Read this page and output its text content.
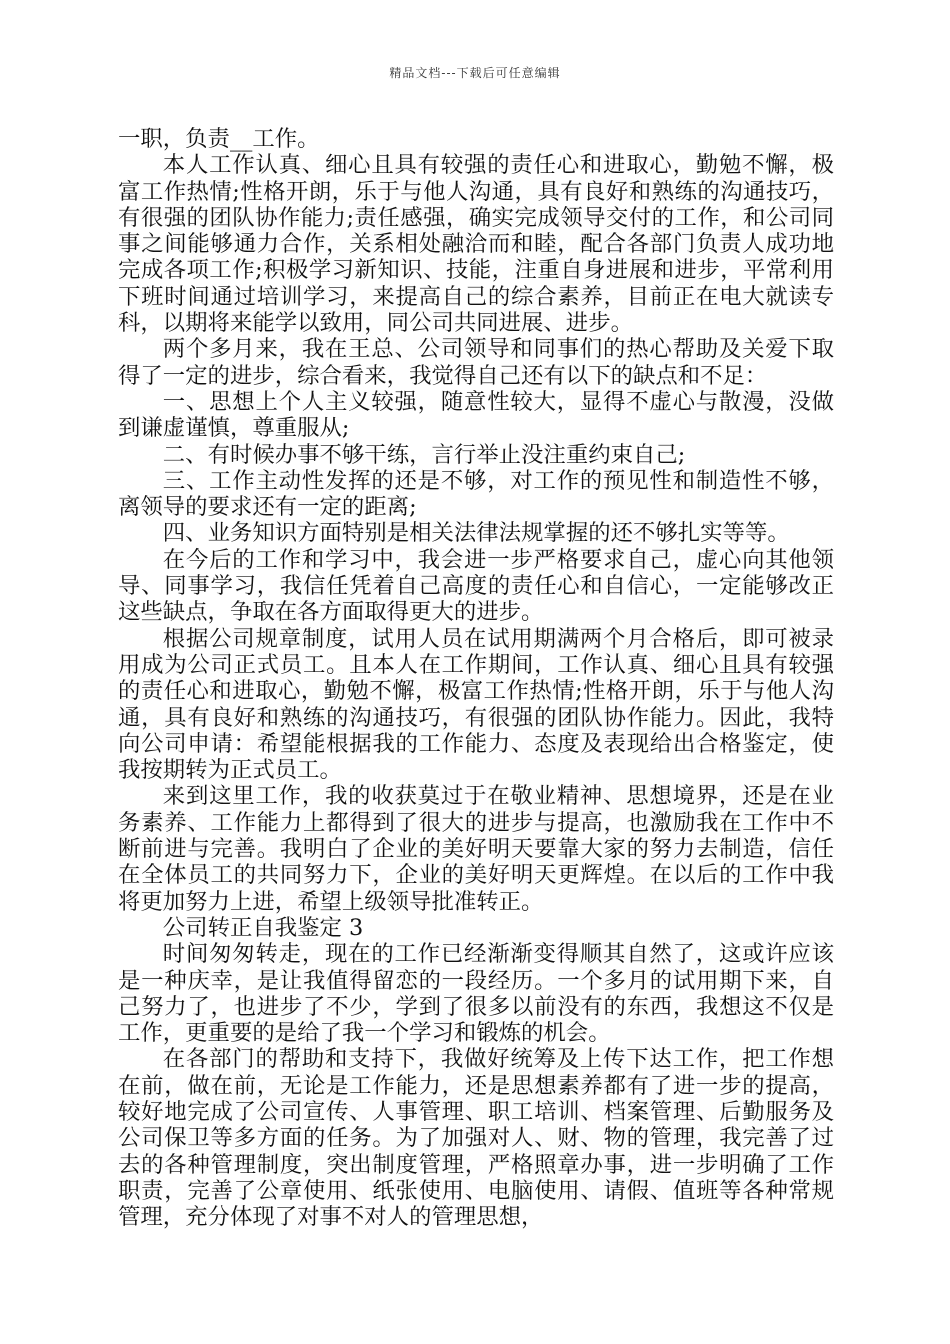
精品文档---下载后可任意编辑

一职，负责__工作。

本人工作认真、细心且具有较强的责任心和进取心，勤勉不懈，极富工作热情;性格开朗，乐于与他人沟通，具有良好和熟练的沟通技巧，有很强的团队协作能力;责任感强，确实完成领导交付的工作，和公司同事之间能够通力合作，关系相处融洽而和睦，配合各部门负责人成功地完成各项工作;积极学习新知识、技能，注重自身进展和进步，平常利用下班时间通过培训学习，来提高自己的综合素养，目前正在电大就读专科，以期将来能学以致用，同公司共同进展、进步。

两个多月来，我在王总、公司领导和同事们的热心帮助及关爱下取得了一定的进步，综合看来，我觉得自己还有以下的缺点和不足：

一、思想上个人主义较强，随意性较大，显得不虚心与散漫，没做到谦虚谨慎，尊重服从;

二、有时候办事不够干练，言行举止没注重约束自己;

三、工作主动性发挥的还是不够，对工作的预见性和制造性不够，离领导的要求还有一定的距离;

四、业务知识方面特别是相关法律法规掌握的还不够扎实等等。

在今后的工作和学习中，我会进一步严格要求自己，虚心向其他领导、同事学习，我信任凭着自己高度的责任心和自信心，一定能够改正这些缺点，争取在各方面取得更大的进步。

根据公司规章制度，试用人员在试用期满两个月合格后，即可被录用成为公司正式员工。且本人在工作期间，工作认真、细心且具有较强的责任心和进取心，勤勉不懈，极富工作热情;性格开朗，乐于与他人沟通，具有良好和熟练的沟通技巧，有很强的团队协作能力。因此，我特向公司申请：希望能根据我的工作能力、态度及表现给出合格鉴定，使我按期转为正式员工。

来到这里工作，我的收获莫过于在敬业精神、思想境界，还是在业务素养、工作能力上都得到了很大的进步与提高，也激励我在工作中不断前进与完善。我明白了企业的美好明天要靠大家的努力去制造，信任在全体员工的共同努力下，企业的美好明天更辉煌。在以后的工作中我将更加努力上进，希望上级领导批准转正。

公司转正自我鉴定 3

时间匆匆转走，现在的工作已经渐渐变得顺其自然了，这或许应该是一种庆幸，是让我值得留恋的一段经历。一个多月的试用期下来，自己努力了，也进步了不少，学到了很多以前没有的东西，我想这不仅是工作，更重要的是给了我一个学习和锻炼的机会。

在各部门的帮助和支持下，我做好统筹及上传下达工作，把工作想在前，做在前，无论是工作能力，还是思想素养都有了进一步的提高，较好地完成了公司宣传、人事管理、职工培训、档案管理、后勤服务及公司保卫等多方面的任务。为了加强对人、财、物的管理，我完善了过去的各种管理制度，突出制度管理，严格照章办事，进一步明确了工作职责，完善了公章使用、纸张使用、电脑使用、请假、值班等各种常规管理，充分体现了对事不对人的管理思想，
